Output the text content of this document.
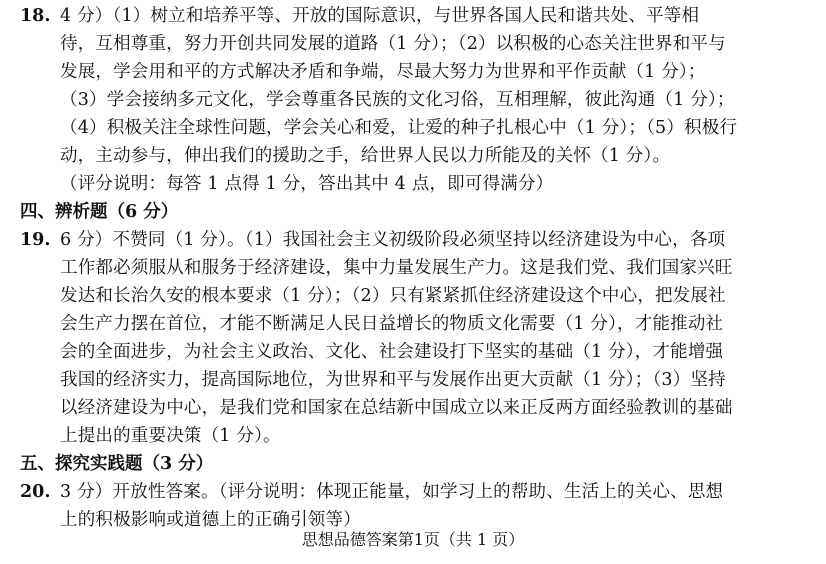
18. 4 分）（1）树立和培养平等、开放的国际意识，与世界各国人民和谐共处、平等相
待，互相尊重，努力开创共同发展的道路（1 分）；（2）以积极的心态关注世界和平与
发展，学会用和平的方式解决矛盾和争端，尽最大努力为世界和平作贡献（1 分）；
（3）学会接纳多元文化，学会尊重各民族的文化习俗，互相理解，彼此沟通（1 分）；
（4）积极关注全球性问题，学会关心和爱，让爱的种子扎根心中（1 分）；（5）积极行
动，主动参与，伸出我们的援助之手，给世界人民以力所能及的关怀（1 分）。
（评分说明：每答 1 点得 1 分，答出其中 4 点，即可得满分）
四、辨析题（6 分）
19. 6 分）不赞同（1 分）。（1）我国社会主义初级阶段必须坚持以经济建设为中心，各项
工作都必须服从和服务于经济建设，集中力量发展生产力。这是我们党、我们国家兴旺
发达和长治久安的根本要求（1 分）；（2）只有紧紧抓住经济建设这个中心，把发展社
会生产力摆在首位，才能不断满足人民日益增长的物质文化需要（1 分），才能推动社
会的全面进步，为社会主义政治、文化、社会建设打下坚实的基础（1 分），才能增强
我国的经济实力，提高国际地位，为世界和平与发展作出更大贡献（1 分）；（3）坚持
以经济建设为中心，是我们党和国家在总结新中国成立以来正反两方面经验教训的基础
上提出的重要决策（1 分）。
五、探究实践题（3 分）
20. 3 分）开放性答案。（评分说明：体现正能量，如学习上的帮助、生活上的关心、思想
上的积极影响或道德上的正确引领等）
思想品德答案第1页（共 1 页）
